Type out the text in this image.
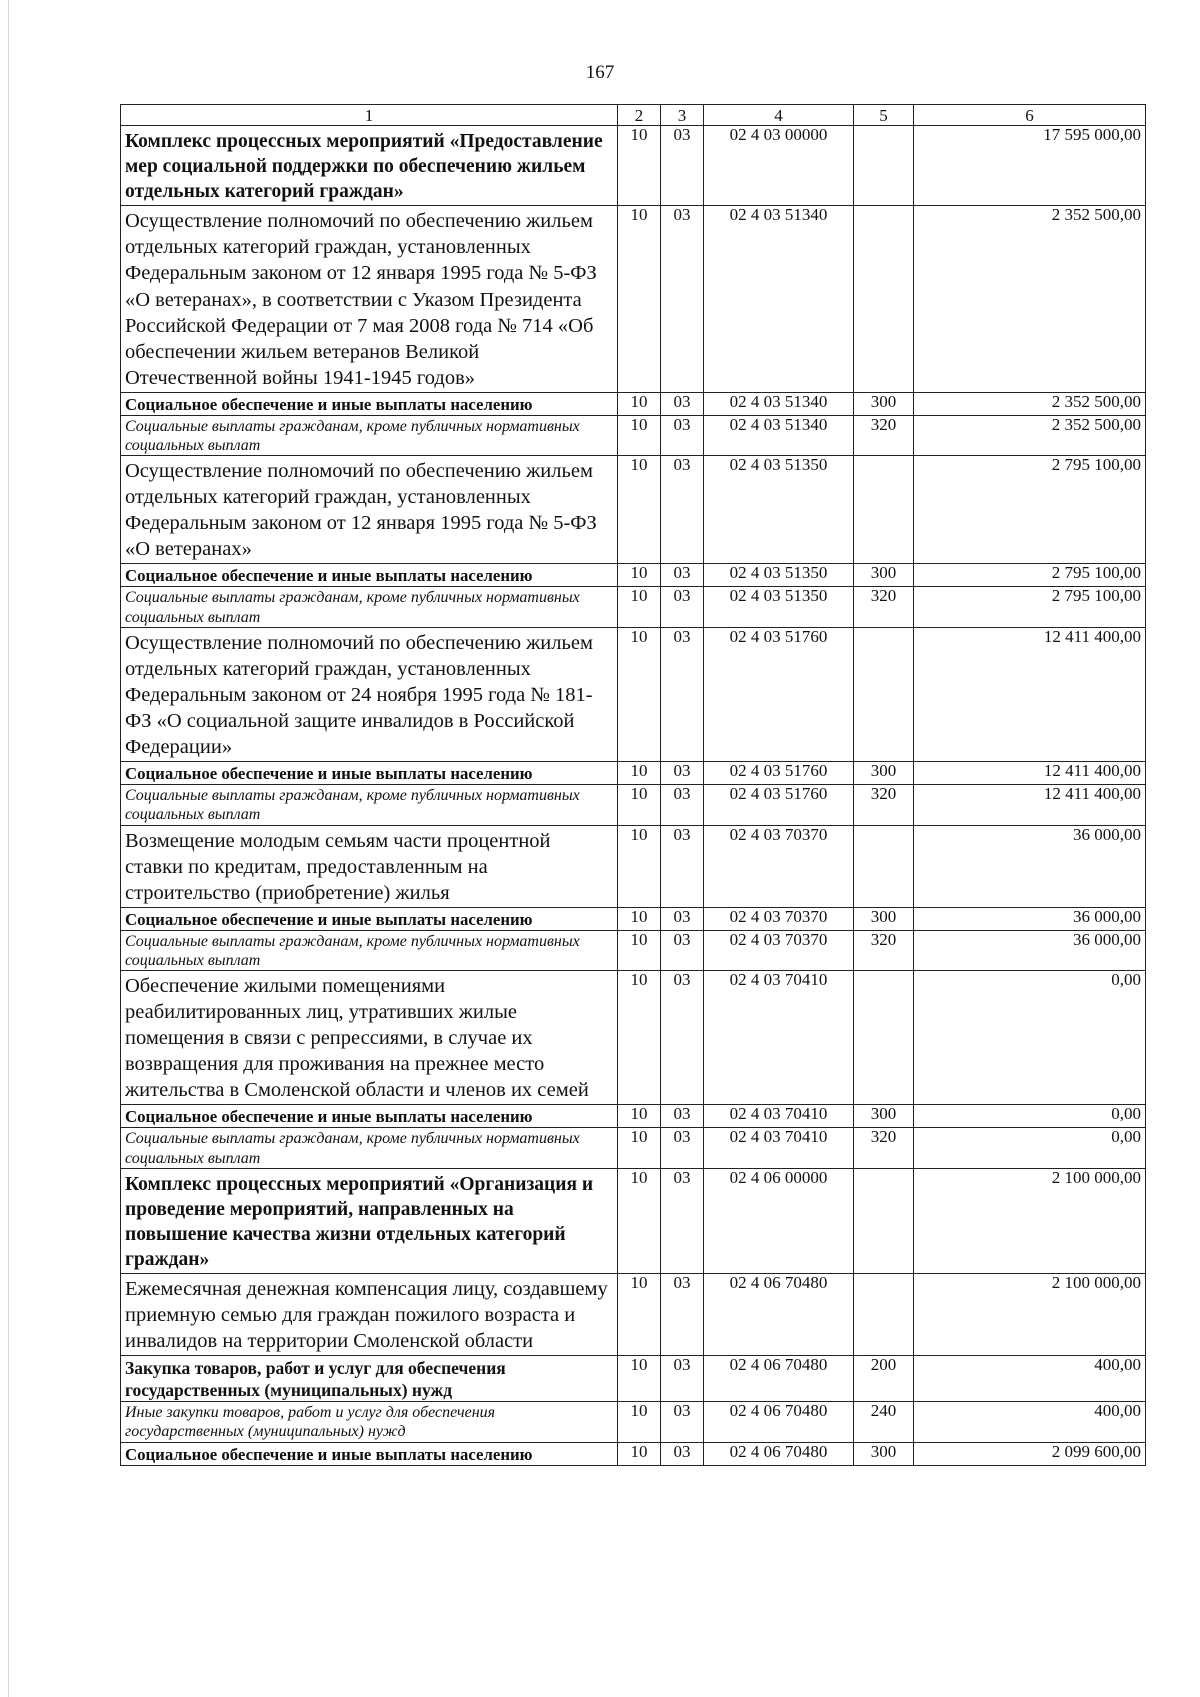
167
1	2	3	4	5	6
Комплекс процессных мероприятий «Предоставление мер социальной поддержки по обеспечению жильем отдельных категорий граждан»	10	03	02 4 03 00000		17 595 000,00
Осуществление полномочий по обеспечению жильем отдельных категорий граждан, установленных Федеральным законом от 12 января 1995 года № 5-ФЗ «О ветеранах», в соответствии с Указом Президента Российской Федерации от 7 мая 2008 года № 714 «Об обеспечении жильем ветеранов Великой Отечественной войны 1941-1945 годов»	10	03	02 4 03 51340		2 352 500,00
Социальное обеспечение и иные выплаты населению	10	03	02 4 03 51340	300	2 352 500,00
Социальные выплаты гражданам, кроме публичных нормативных социальных выплат	10	03	02 4 03 51340	320	2 352 500,00
Осуществление полномочий по обеспечению жильем отдельных категорий граждан, установленных Федеральным законом от 12 января 1995 года № 5-ФЗ «О ветеранах»	10	03	02 4 03 51350		2 795 100,00
Социальное обеспечение и иные выплаты населению	10	03	02 4 03 51350	300	2 795 100,00
Социальные выплаты гражданам, кроме публичных нормативных социальных выплат	10	03	02 4 03 51350	320	2 795 100,00
Осуществление полномочий по обеспечению жильем отдельных категорий граждан, установленных Федеральным законом от 24 ноября 1995 года № 181-ФЗ «О социальной защите инвалидов в Российской Федерации»	10	03	02 4 03 51760		12 411 400,00
Социальное обеспечение и иные выплаты населению	10	03	02 4 03 51760	300	12 411 400,00
Социальные выплаты гражданам, кроме публичных нормативных социальных выплат	10	03	02 4 03 51760	320	12 411 400,00
Возмещение молодым семьям части процентной ставки по кредитам, предоставленным на строительство (приобретение) жилья	10	03	02 4 03 70370		36 000,00
Социальное обеспечение и иные выплаты населению	10	03	02 4 03 70370	300	36 000,00
Социальные выплаты гражданам, кроме публичных нормативных социальных выплат	10	03	02 4 03 70370	320	36 000,00
Обеспечение жилыми помещениями реабилитированных лиц, утративших жилые помещения в связи с репрессиями, в случае их возвращения для проживания на прежнее место жительства в Смоленской области и членов их семей	10	03	02 4 03 70410		0,00
Социальное обеспечение и иные выплаты населению	10	03	02 4 03 70410	300	0,00
Социальные выплаты гражданам, кроме публичных нормативных социальных выплат	10	03	02 4 03 70410	320	0,00
Комплекс процессных мероприятий «Организация и проведение мероприятий, направленных на повышение качества жизни отдельных категорий граждан»	10	03	02 4 06 00000		2 100 000,00
Ежемесячная денежная компенсация лицу, создавшему приемную семью для граждан пожилого возраста и инвалидов на территории Смоленской области	10	03	02 4 06 70480		2 100 000,00
Закупка товаров, работ и услуг для обеспечения государственных (муниципальных) нужд	10	03	02 4 06 70480	200	400,00
Иные закупки товаров, работ и услуг для обеспечения государственных (муниципальных) нужд	10	03	02 4 06 70480	240	400,00
Социальное обеспечение и иные выплаты населению	10	03	02 4 06 70480	300	2 099 600,00
